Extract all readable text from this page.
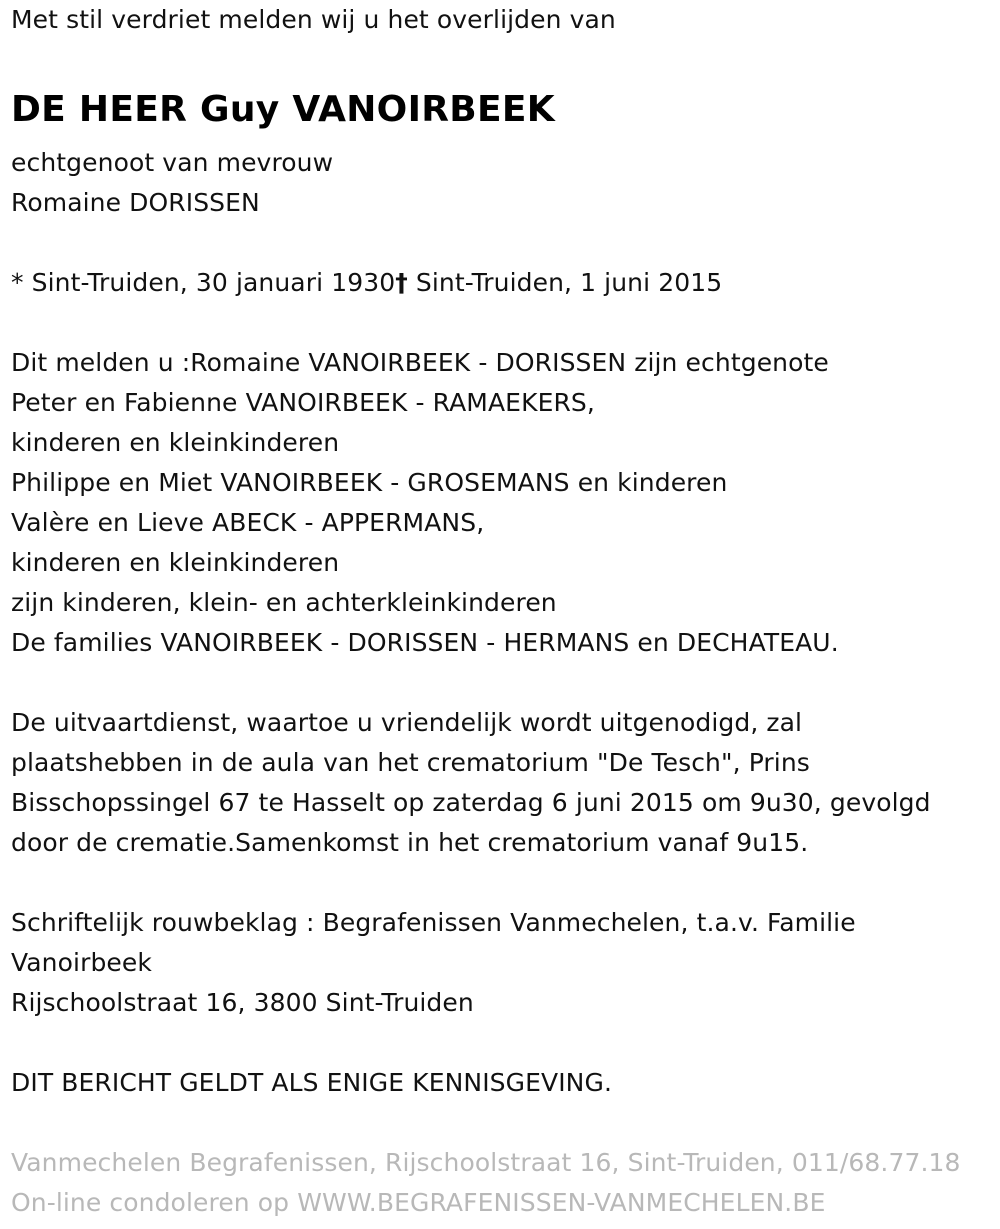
Met stil verdriet melden wij u het overlijden van
DE HEER Guy VANOIRBEEK
echtgenoot van mevrouw
Romaine DORISSEN
* Sint-Truiden, 30 januari 1930† Sint-Truiden, 1 juni 2015
Dit melden u :Romaine VANOIRBEEK - DORISSEN zijn echtgenote
Peter en Fabienne VANOIRBEEK - RAMAEKERS,
kinderen en kleinkinderen
Philippe en Miet VANOIRBEEK - GROSEMANS en kinderen
Valère en Lieve ABECK - APPERMANS,
kinderen en kleinkinderen
zijn kinderen, klein- en achterkleinkinderen
De families VANOIRBEEK - DORISSEN - HERMANS en DECHATEAU.
De uitvaartdienst, waartoe u vriendelijk wordt uitgenodigd, zal
plaatshebben in de aula van het crematorium "De Tesch", Prins
Bisschopssingel 67 te Hasselt op zaterdag 6 juni 2015 om 9u30, gevolgd
door de crematie.Samenkomst in het crematorium vanaf 9u15.
Schriftelijk rouwbeklag : Begrafenissen Vanmechelen, t.a.v. Familie
Vanoirbeek
Rijschoolstraat 16, 3800 Sint-Truiden
DIT BERICHT GELDT ALS ENIGE KENNISGEVING.
Vanmechelen Begrafenissen, Rijschoolstraat 16, Sint-Truiden, 011/68.77.18
On-line condoleren op WWW.BEGRAFENISSEN-VANMECHELEN.BE
